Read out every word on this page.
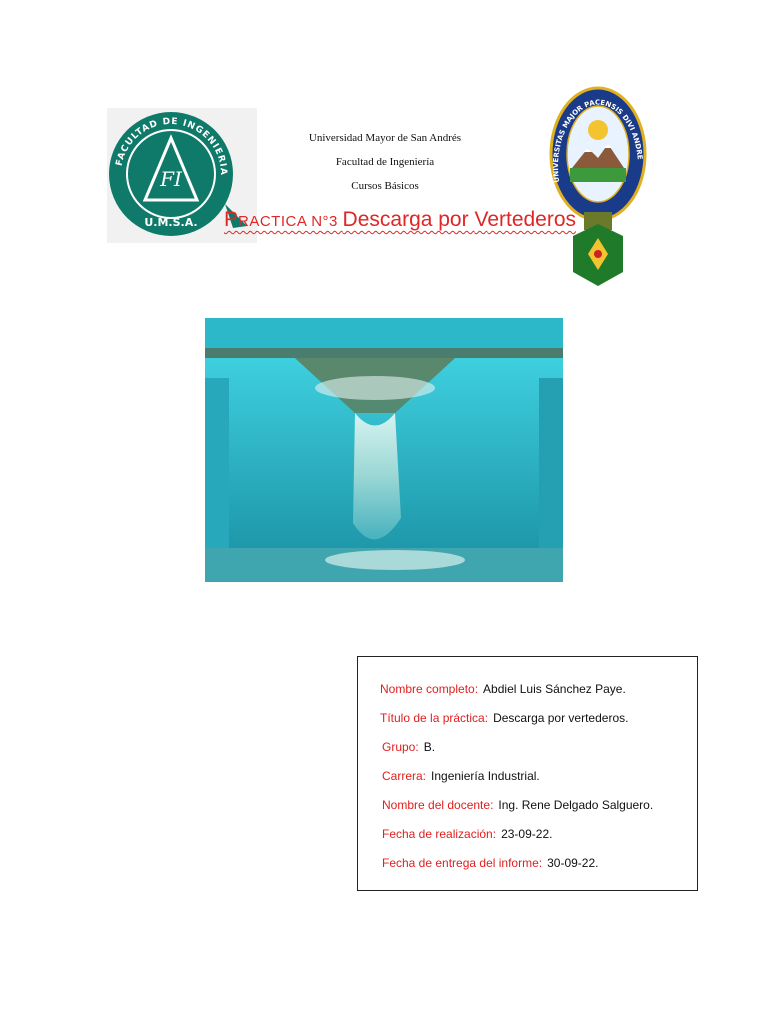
FACULTAD DE INGENIERIA
FI
U.M.S.A.
UNIVERSITAS MAJOR PACENSIS DIVI ANDRE
Universidad Mayor de San Andrés
Facultad de Ingeniería
Cursos Básicos
PRACTICA N°3 Descarga por Vertederos
Nombre completo: Abdiel Luis Sánchez Paye.
Título de la práctica: Descarga por vertederos.
Grupo: B.
Carrera: Ingeniería Industrial.
Nombre del docente: Ing. Rene Delgado Salguero.
Fecha de realización: 23-09-22.
Fecha de entrega del informe: 30-09-22.
